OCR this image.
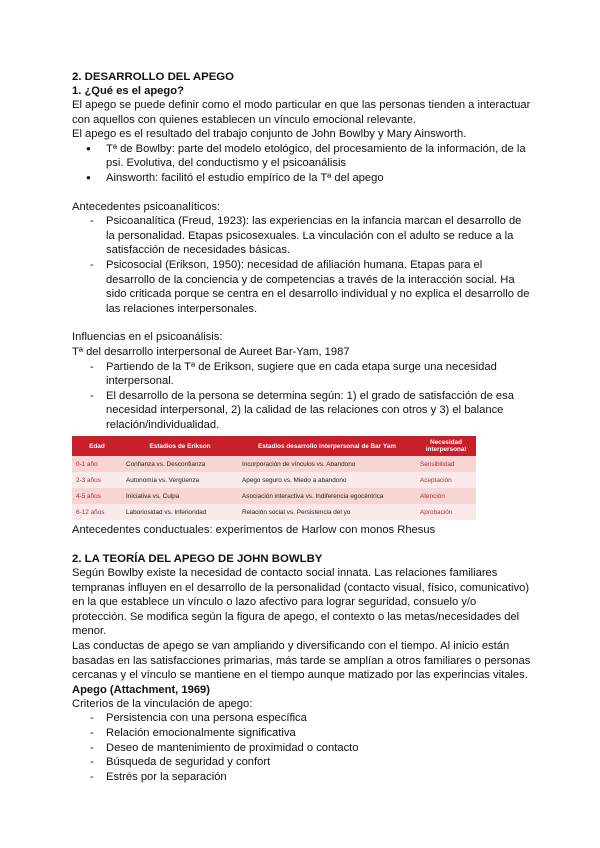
2. DESARROLLO DEL APEGO
1. ¿Qué es el apego?

El apego se puede definir como el modo particular en que las personas tienden a interactuar con aquellos con quienes establecen un vínculo emocional relevante.

El apego es el resultado del trabajo conjunto de John Bowlby y Mary Ainsworth.

● Tª de Bowlby: parte del modelo etológico, del procesamiento de la información, de la psi. Evolutiva, del conductismo y el psicoanálisis
● Ainsworth: facilitó el estudio empírico de la Tª del apego

Antecedentes psicoanalíticos:

- Psicoanalítica (Freud, 1923): las experiencias en la infancia marcan el desarrollo de la personalidad. Etapas psicosexuales. La vinculación con el adulto se reduce a la satisfacción de necesidades básicas.
- Psicosocial (Erikson, 1950): necesidad de afiliación humana. Etapas para el desarrollo de la conciencia y de competencias a través de la interacción social. Ha sido criticada porque se centra en el desarrollo individual y no explica el desarrollo de las relaciones interpersonales.

Influencias en el psicoanálisis:

Tª del desarrollo interpersonal de Aureet Bar-Yam, 1987

- Partiendo de la Tª de Erikson, sugiere que en cada etapa surge una necesidad interpersonal.
- El desarrollo de la persona se determina según: 1) el grado de satisfacción de esa necesidad interpersonal, 2) la calidad de las relaciones con otros y 3) el balance relación/individualidad.
Edad	Estadios de Erikson	Estadios desarrollo interpersonal de Bar Yam	Necesidad interpersonal
0-1 año	Confianza vs. Desconfianza	Incorporación de vínculos vs. Abandono	Sensibilidad
2-3 años	Autonomía vs. Vergüenza	Apego seguro vs. Miedo a abandono	Aceptación
4-5 años	Iniciativa vs. Culpa	Asociación interactiva vs. Indiferencia egocéntrica	Atención
6-12 años	Laboriosidad vs. Inferioridad	Relación social vs. Persistencia del yo	Aprobación

Antecedentes conductuales: experimentos de Harlow con monos Rhesus

2. LA TEORÍA DEL APEGO DE JOHN BOWLBY

Según Bowlby existe la necesidad de contacto social innata. Las relaciones familiares tempranas influyen en el desarrollo de la personalidad (contacto visual, físico, comunicativo) en la que establece un vínculo o lazo afectivo para lograr seguridad, consuelo y/o protección. Se modifica según la figura de apego, el contexto o las metas/necesidades del menor.

Las conductas de apego se van ampliando y diversificando con el tiempo. Al inicio están basadas en las satisfacciones primarias, más tarde se amplían a otros familiares o personas cercanas y el vínculo se mantiene en el tiempo aunque matizado por las experincias vitales.

Apego (Attachment, 1969)

Criterios de la vinculación de apego:

- Persistencia con una persona específica
- Relación emocionalmente significativa
- Deseo de mantenimiento de proximidad o contacto
- Búsqueda de seguridad y confort
- Estrés por la separación
